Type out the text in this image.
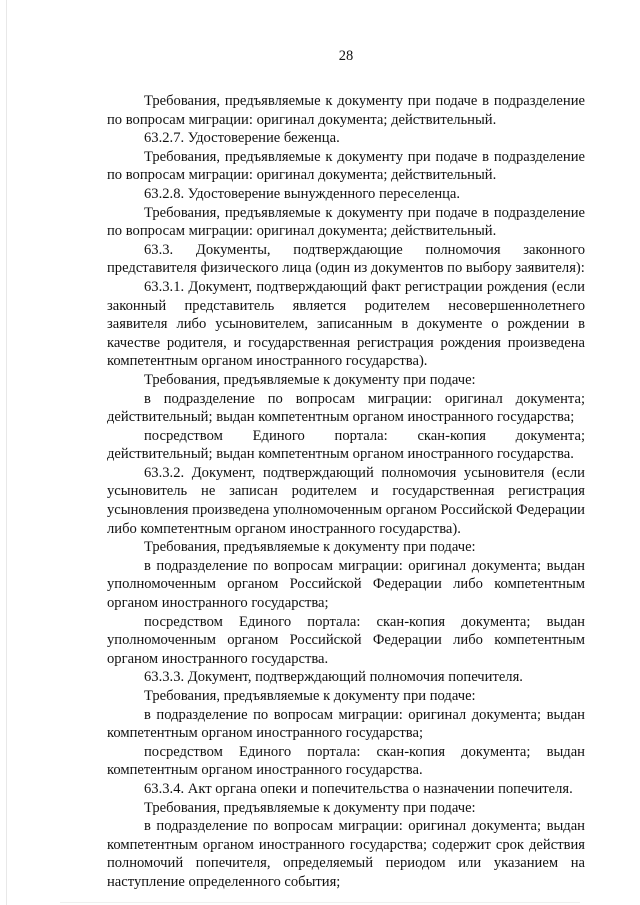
28

Требования, предъявляемые к документу при подаче в подразделение по вопросам миграции: оригинал документа; действительный.

63.2.7. Удостоверение беженца.

Требования, предъявляемые к документу при подаче в подразделение по вопросам миграции: оригинал документа; действительный.

63.2.8. Удостоверение вынужденного переселенца.

Требования, предъявляемые к документу при подаче в подразделение по вопросам миграции: оригинал документа; действительный.

63.3. Документы, подтверждающие полномочия законного представителя физического лица (один из документов по выбору заявителя):

63.3.1. Документ, подтверждающий факт регистрации рождения (если законный представитель является родителем несовершеннолетнего заявителя либо усыновителем, записанным в документе о рождении в качестве родителя, и государственная регистрация рождения произведена компетентным органом иностранного государства).

Требования, предъявляемые к документу при подаче:

в подразделение по вопросам миграции: оригинал документа; действительный; выдан компетентным органом иностранного государства;

посредством Единого портала: скан-копия документа; действительный; выдан компетентным органом иностранного государства.

63.3.2. Документ, подтверждающий полномочия усыновителя (если усыновитель не записан родителем и государственная регистрация усыновления произведена уполномоченным органом Российской Федерации либо компетентным органом иностранного государства).

Требования, предъявляемые к документу при подаче:

в подразделение по вопросам миграции: оригинал документа; выдан уполномоченным органом Российской Федерации либо компетентным органом иностранного государства;

посредством Единого портала: скан-копия документа; выдан уполномоченным органом Российской Федерации либо компетентным органом иностранного государства.

63.3.3. Документ, подтверждающий полномочия попечителя.

Требования, предъявляемые к документу при подаче:

в подразделение по вопросам миграции: оригинал документа; выдан компетентным органом иностранного государства;

посредством Единого портала: скан-копия документа; выдан компетентным органом иностранного государства.

63.3.4. Акт органа опеки и попечительства о назначении попечителя.

Требования, предъявляемые к документу при подаче:

в подразделение по вопросам миграции: оригинал документа; выдан компетентным органом иностранного государства; содержит срок действия полномочий попечителя, определяемый периодом или указанием на наступление определенного события;
